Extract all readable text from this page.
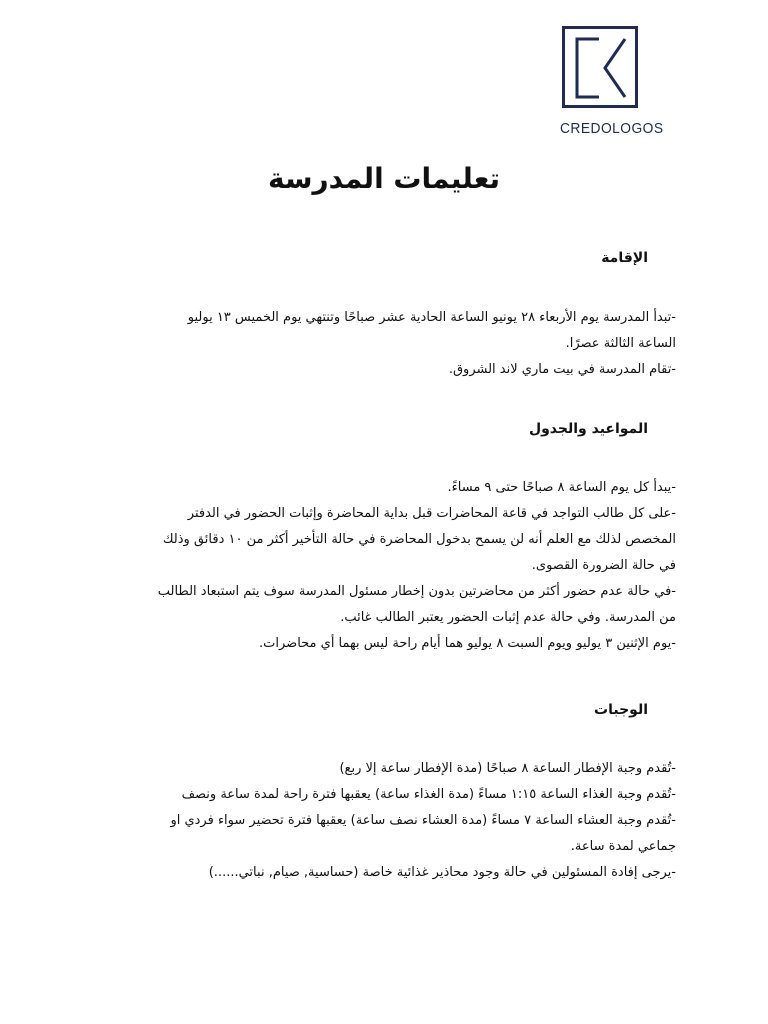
CREDOLOGOS
تعليمات المدرسة
الإقامة
-تبدأ المدرسة يوم الأربعاء ٢٨ يونيو الساعة الحادية عشر صباحًا وتنتهي يوم الخميس ١٣ يوليو
الساعة الثالثة عصرًا.
-تقام المدرسة في بيت ماري لاند الشروق.
المواعيد والجدول
-يبدأ كل يوم الساعة ٨ صباحًا حتى ٩ مساءً.
-على كل طالب التواجد في قاعة المحاضرات قبل بداية المحاضرة وإثبات الحضور في الدفتر
المخصص لذلك مع العلم أنه لن يسمح بدخول المحاضرة في حالة التأخير أكثر من ١٠ دقائق وذلك
في حالة الضرورة القصوى.
-في حالة عدم حضور أكثر من محاضرتين بدون إخطار مسئول المدرسة سوف يتم استبعاد الطالب
من المدرسة. وفي حالة عدم إثبات الحضور يعتبر الطالب غائب.
-يوم الإثنين ٣ يوليو ويوم السبت ٨ يوليو هما أيام راحة ليس بهما أي محاضرات.
الوجبات
-تُقدم وجبة الإفطار الساعة ٨ صباحًا (مدة الإفطار ساعة إلا ربع)
-تُقدم وجبة الغذاء الساعة ١:١٥ مساءً (مدة الغذاء ساعة) يعقبها فترة راحة لمدة ساعة ونصف
-تُقدم وجبة العشاء الساعة ٧ مساءً (مدة العشاء نصف ساعة) يعقبها فترة تحضير سواء فردي او
جماعي لمدة ساعة.
-يرجى إفادة المسئولين في حالة وجود محاذير غذائية خاصة (حساسية, صيام, نباتي......)
